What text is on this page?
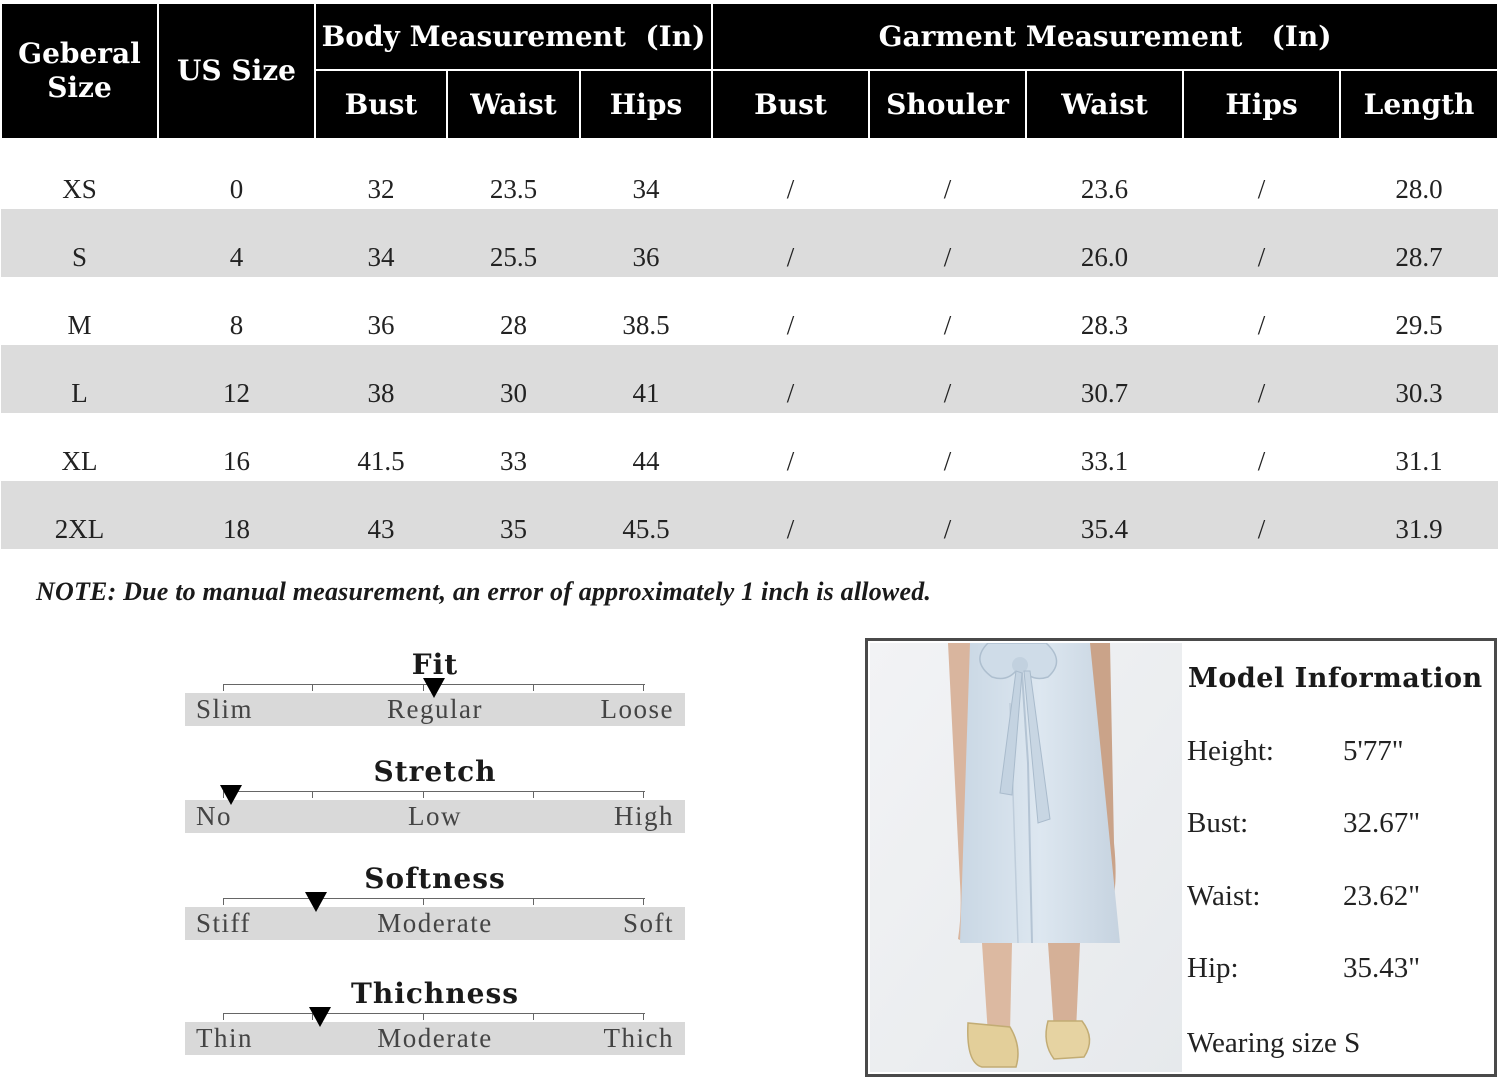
Geberal Size	US Size	Body Measurement  (In)			Garment Measurement   (In)				
		Bust	Waist	Hips	Bust	Shouler	Waist	Hips	Length
XS	0	32	23.5	34	/	/	23.6	/	28.0
S	4	34	25.5	36	/	/	26.0	/	28.7
M	8	36	28	38.5	/	/	28.3	/	29.5
L	12	38	30	41	/	/	30.7	/	30.3
XL	16	41.5	33	44	/	/	33.1	/	31.1
2XL	18	43	35	45.5	/	/	35.4	/	31.9
NOTE: Due to manual measurement, an error of approximately 1 inch is allowed.
Fit
Slim	Regular	Loose
Stretch
No	Low	High
Softness
Stiff	Moderate	Soft
Thichness
Thin	Moderate	Thich
Model Information
Height: 5'77"
Bust:	32.67"
Waist:	23.62"
Hip:	35.43"
Wearing size S
